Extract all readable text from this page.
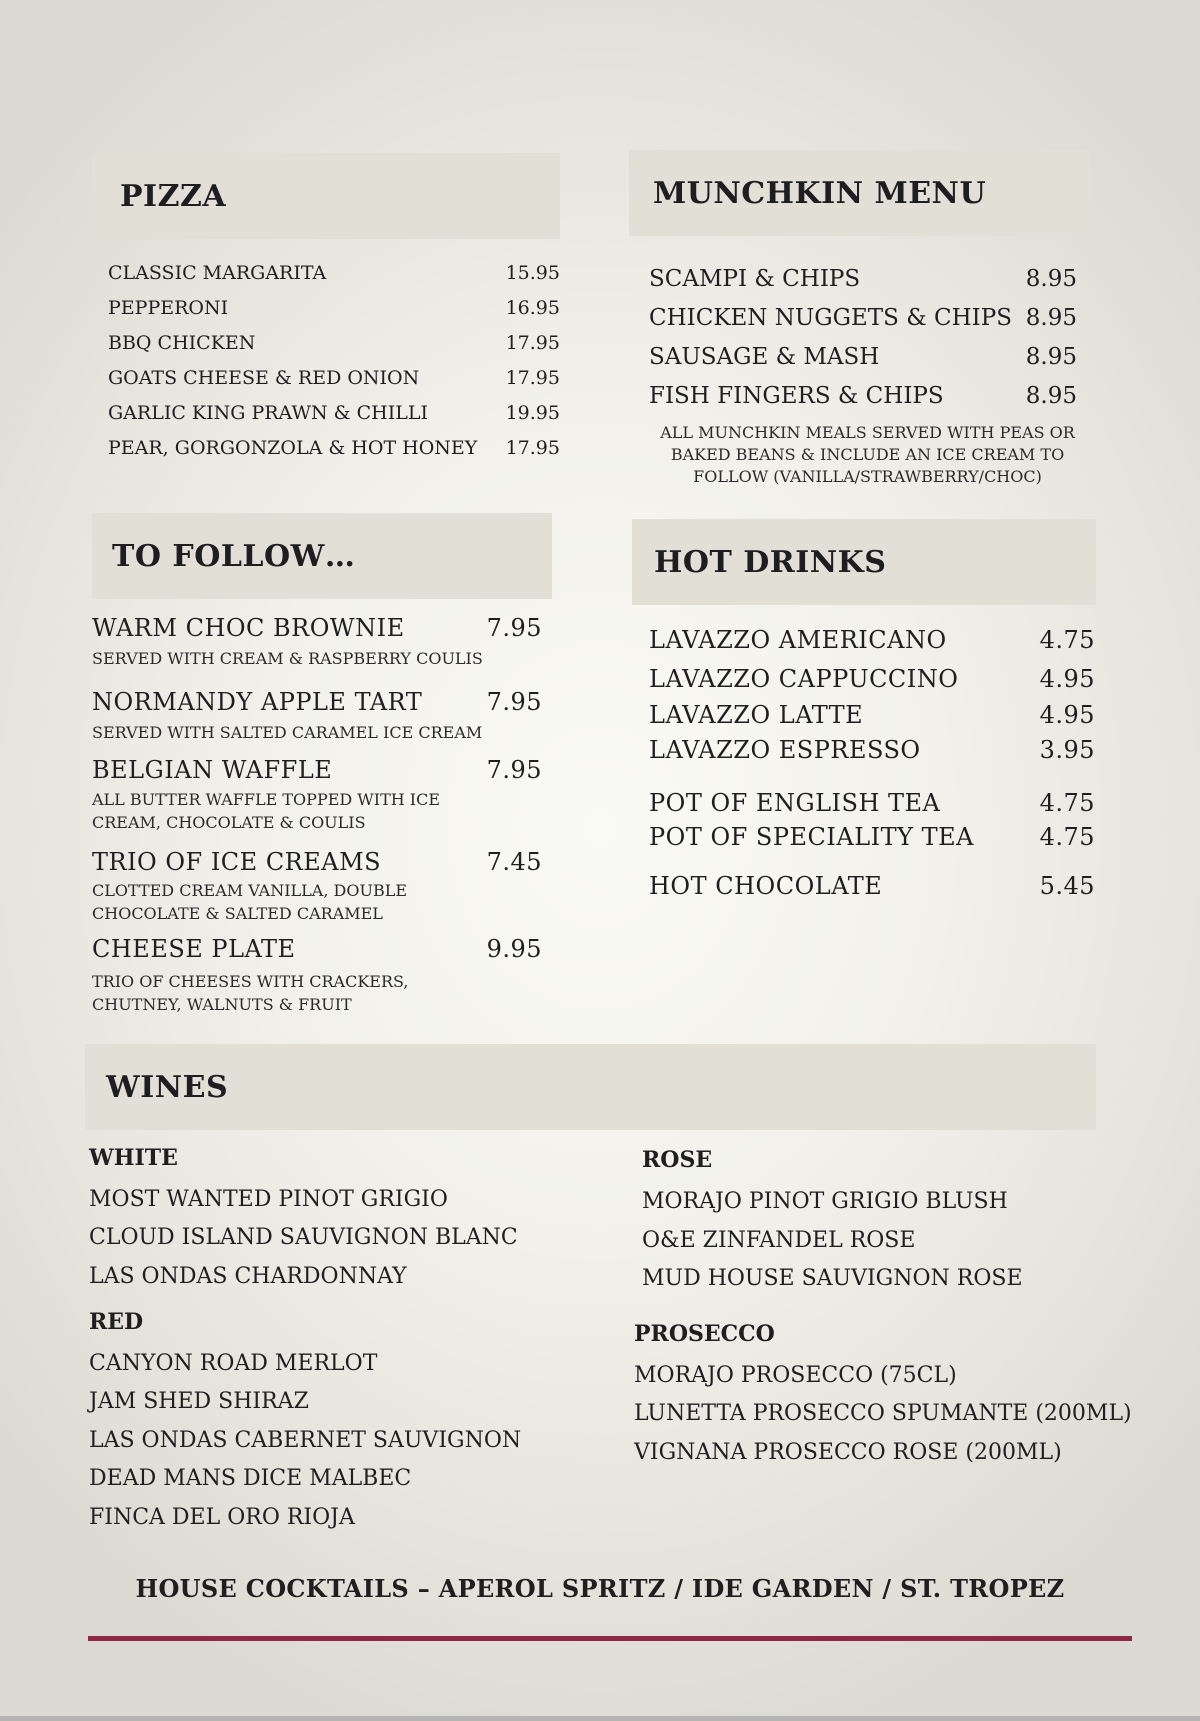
PIZZA
CLASSIC MARGARITA	15.95
PEPPERONI	16.95
BBQ CHICKEN	17.95
GOATS CHEESE & RED ONION	17.95
GARLIC KING PRAWN & CHILLI	19.95
PEAR, GORGONZOLA & HOT HONEY 17.95
MUNCHKIN MENU
SCAMPI & CHIPS	8.95
CHICKEN NUGGETS & CHIPS 8.95
SAUSAGE & MASH	8.95
FISH FINGERS & CHIPS	8.95
ALL MUNCHKIN MEALS SERVED WITH PEAS OR BAKED BEANS & INCLUDE AN ICE CREAM TO FOLLOW (VANILLA/STRAWBERRY/CHOC)
TO FOLLOW…
WARM CHOC BROWNIE	7.95
SERVED WITH CREAM & RASPBERRY COULIS
NORMANDY APPLE TART	7.95
SERVED WITH SALTED CARAMEL ICE CREAM
BELGIAN WAFFLE	7.95
ALL BUTTER WAFFLE TOPPED WITH ICE
CREAM, CHOCOLATE & COULIS
TRIO OF ICE CREAMS	7.45
CLOTTED CREAM VANILLA, DOUBLE
CHOCOLATE & SALTED CARAMEL
CHEESE PLATE	9.95
TRIO OF CHEESES WITH CRACKERS,
CHUTNEY, WALNUTS & FRUIT
HOT DRINKS
LAVAZZO AMERICANO	4.75
LAVAZZO CAPPUCCINO	4.95
LAVAZZO LATTE	4.95
LAVAZZO ESPRESSO	3.95
POT OF ENGLISH TEA	4.75
POT OF SPECIALITY TEA	4.75
HOT CHOCOLATE	5.45
WINES
WHITE
MOST WANTED PINOT GRIGIO
CLOUD ISLAND SAUVIGNON BLANC
LAS ONDAS CHARDONNAY
RED
CANYON ROAD MERLOT
JAM SHED SHIRAZ
LAS ONDAS CABERNET SAUVIGNON
DEAD MANS DICE MALBEC
FINCA DEL ORO RIOJA
ROSE
MORAJO PINOT GRIGIO BLUSH
O&E ZINFANDEL ROSE
MUD HOUSE SAUVIGNON ROSE
PROSECCO
MORAJO PROSECCO (75CL)
LUNETTA PROSECCO SPUMANTE (200ML)
VIGNANA PROSECCO ROSE (200ML)
HOUSE COCKTAILS – APEROL SPRITZ / IDE GARDEN / ST. TROPEZ
